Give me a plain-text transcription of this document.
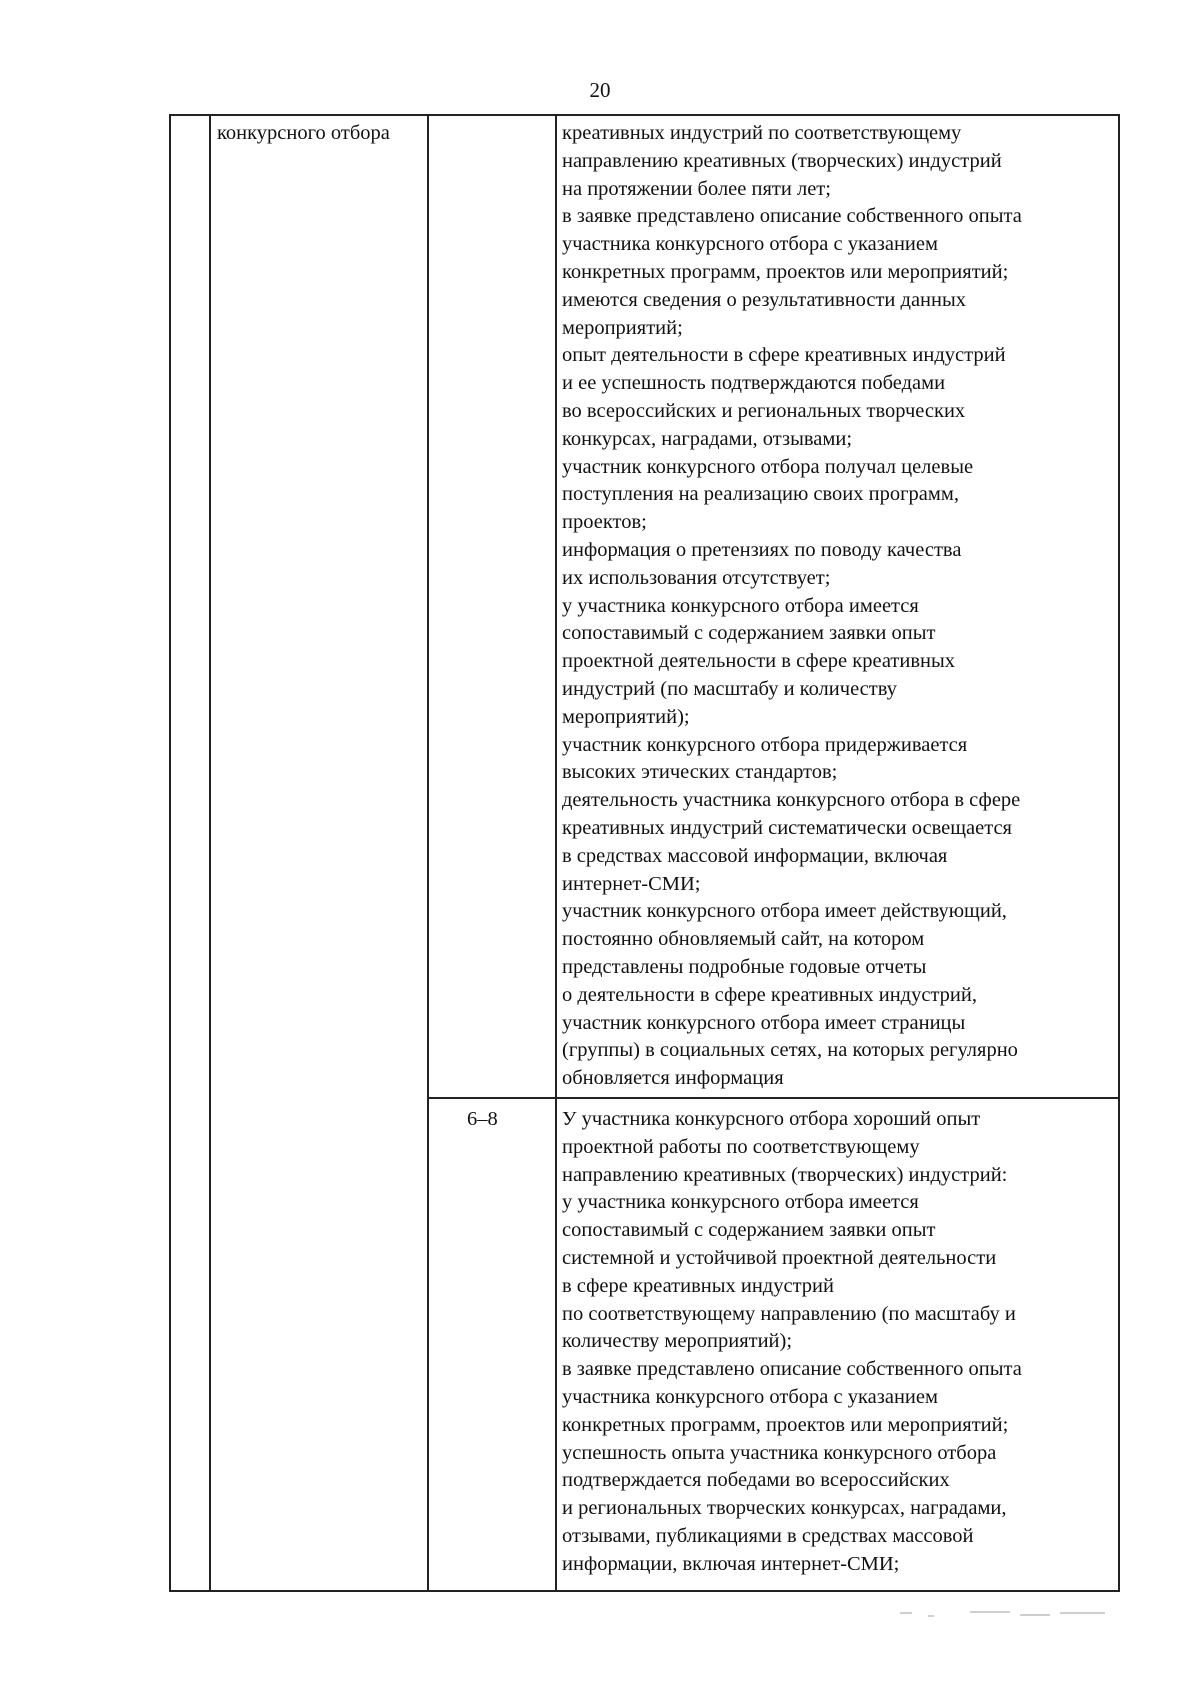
20
конкурсного отбора	креативных индустрий по соответствующему
направлению креативных (творческих) индустрий
на протяжении более пяти лет;
в заявке представлено описание собственного опыта
участника конкурсного отбора с указанием
конкретных программ, проектов или мероприятий;
имеются сведения о результативности данных
мероприятий;
опыт деятельности в сфере креативных индустрий
и ее успешность подтверждаются победами
во всероссийских и региональных творческих
конкурсах, наградами, отзывами;
участник конкурсного отбора получал целевые
поступления на реализацию своих программ,
проектов;
информация о претензиях по поводу качества
их использования отсутствует;
у участника конкурсного отбора имеется
сопоставимый с содержанием заявки опыт
проектной деятельности в сфере креативных
индустрий (по масштабу и количеству
мероприятий);
участник конкурсного отбора придерживается
высоких этических стандартов;
деятельность участника конкурсного отбора в сфере
креативных индустрий систематически освещается
в средствах массовой информации, включая
интернет-СМИ;
участник конкурсного отбора имеет действующий,
постоянно обновляемый сайт, на котором
представлены подробные годовые отчеты
о деятельности в сфере креативных индустрий,
участник конкурсного отбора имеет страницы
(группы) в социальных сетях, на которых регулярно
обновляется информация
6–8	У участника конкурсного отбора хороший опыт
проектной работы по соответствующему
направлению креативных (творческих) индустрий:
у участника конкурсного отбора имеется
сопоставимый с содержанием заявки опыт
системной и устойчивой проектной деятельности
в сфере креативных индустрий
по соответствующему направлению (по масштабу и
количеству мероприятий);
в заявке представлено описание собственного опыта
участника конкурсного отбора с указанием
конкретных программ, проектов или мероприятий;
успешность опыта участника конкурсного отбора
подтверждается победами во всероссийских
и региональных творческих конкурсах, наградами,
отзывами, публикациями в средствах массовой
информации, включая интернет-СМИ;
